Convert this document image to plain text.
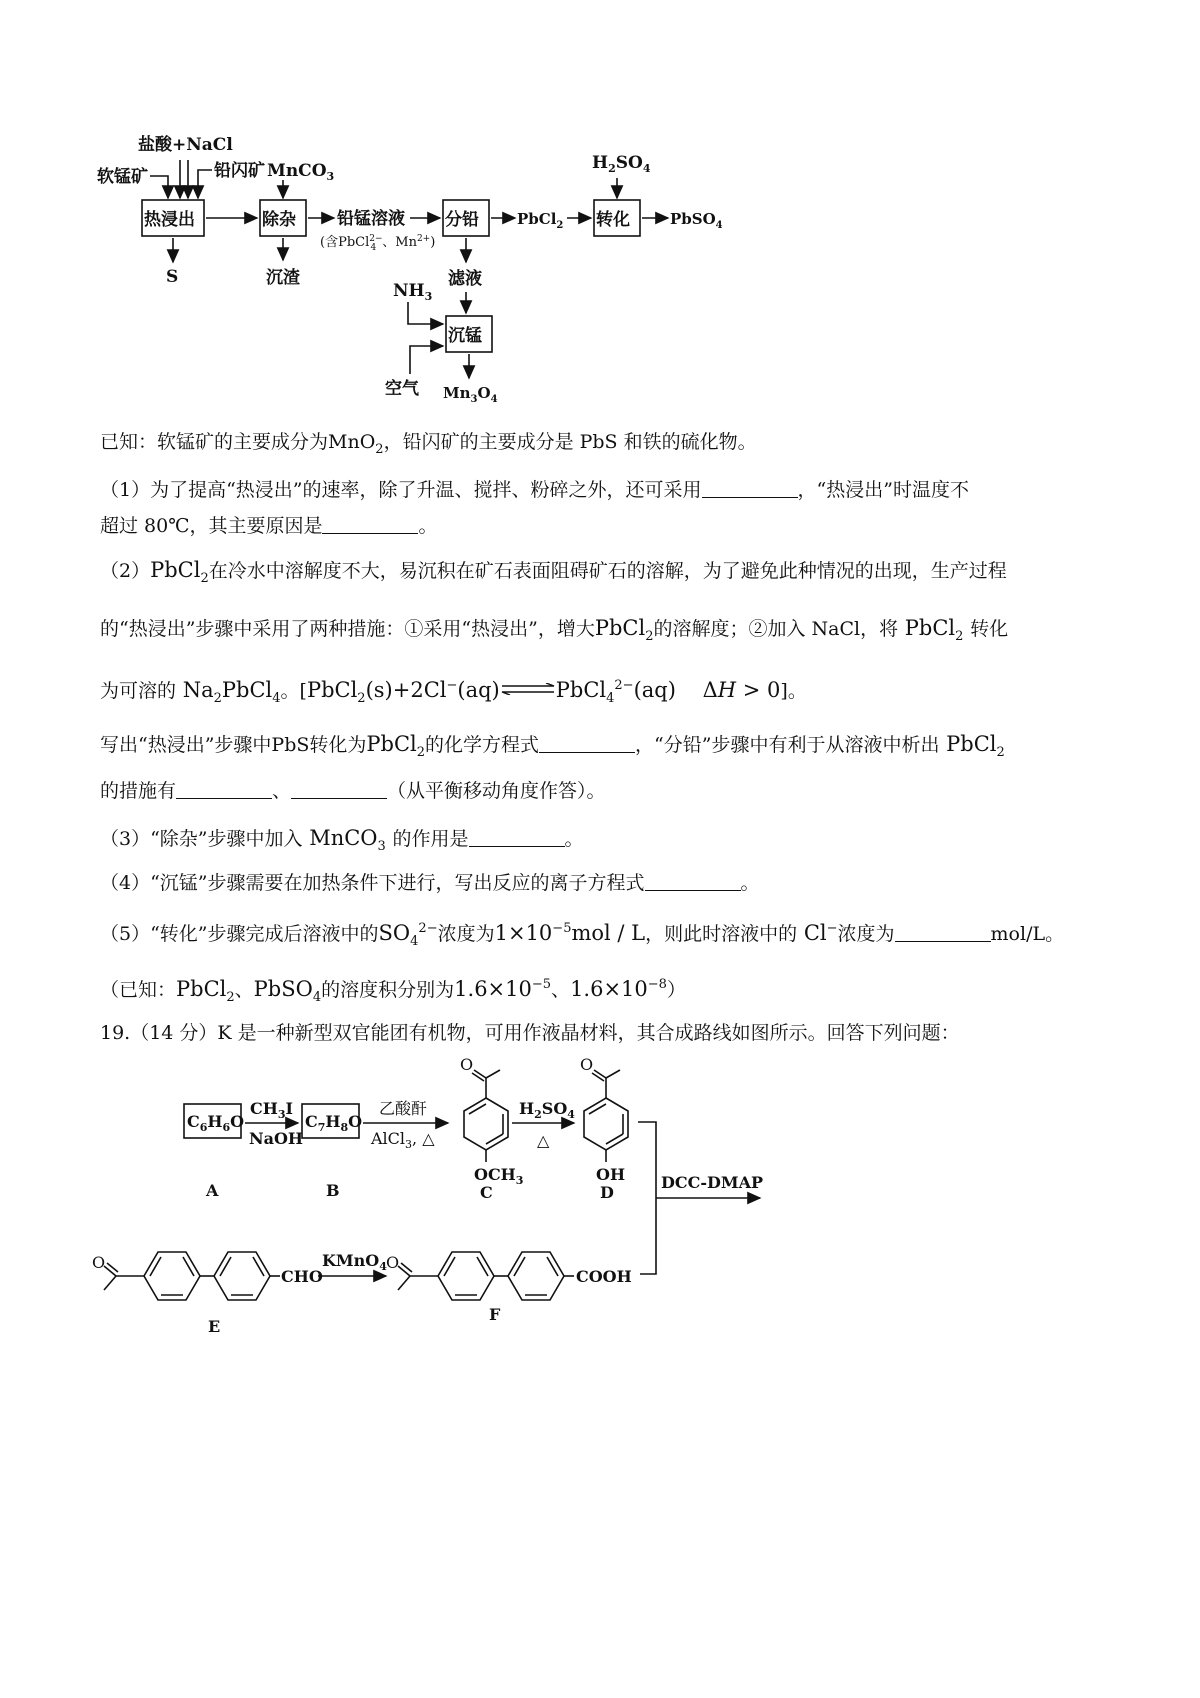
软锰矿
盐酸+NaCl
铅闪矿 MnCO$_3$
$H_2SO_4$
热浸出	除杂	分铅	转化
沉锰
S	沉渣
铅锰溶液	PbCl$_2$	PbSO$_4$
滤液
$NH_3$
空气 $Mn_3O_4$
(含PbCl$^{2-}$ 4 、$Mn^{2+}$)
已知：软锰矿的主要成分为MnO$_2$，铅闪矿的主要成分是 PbS 和铁的硫化物。
（1）为了提高“热浸出”的速率，除了升温、搅拌、粉碎之外，还可采用	，“热浸出”时温度不
超过 80℃，其主要原因是	。
（2）PbCl$_2$在冷水中溶解度不大，易沉积在矿石表面阻碍矿石的溶解，为了避免此种情况的出现，生产过程
的“热浸出”步骤中采用了两种措施：①采用“热浸出”，增大PbCl$_2$的溶解度；②加入 NaCl，将 PbCl$_2$ 转化
为可溶的 $Na_2PbCl_4$。[PbCl$_2$(s)+2Cl−(aq)	PbCl$_4^{2-}$(aq)    ΔH > 0]。
写出“热浸出”步骤中PbS转化为PbCl$_2$的化学方程式	，“分铅”步骤中有利于从溶液中析出 PbCl$_2$
的措施有	、	（从平衡移动角度作答）。
（3）“除杂”步骤中加入 MnCO$_3$ 的作用是	。
（4）“沉锰”步骤需要在加热条件下进行，写出反应的离子方程式	。
（5）“转化”步骤完成后溶液中的$SO_4^{2-}$浓度为$1\times 10^{-5}mol / L$，则此时溶液中的 Cl−浓度为	mol/L。
（已知：PbCl$_2$、PbSO$_4$的溶度积分别为$1.6\times 10^{-5}$、$1.6\times 10^{-8}$）
19.（14 分）K 是一种新型双官能团有机物，可用作液晶材料，其合成路线如图所示。回答下列问题：
$C_6H_6O$	$C_7H_8O$
$CH_3I$
NaOH
$H_2SO_4$
DCC-DMAP
KMnO$_4$
A	B	C	D
E
F
$OCH_3$	OH
CHO	COOH
乙酸酐
AlCl$_3$, △	△
O	O
O	O
